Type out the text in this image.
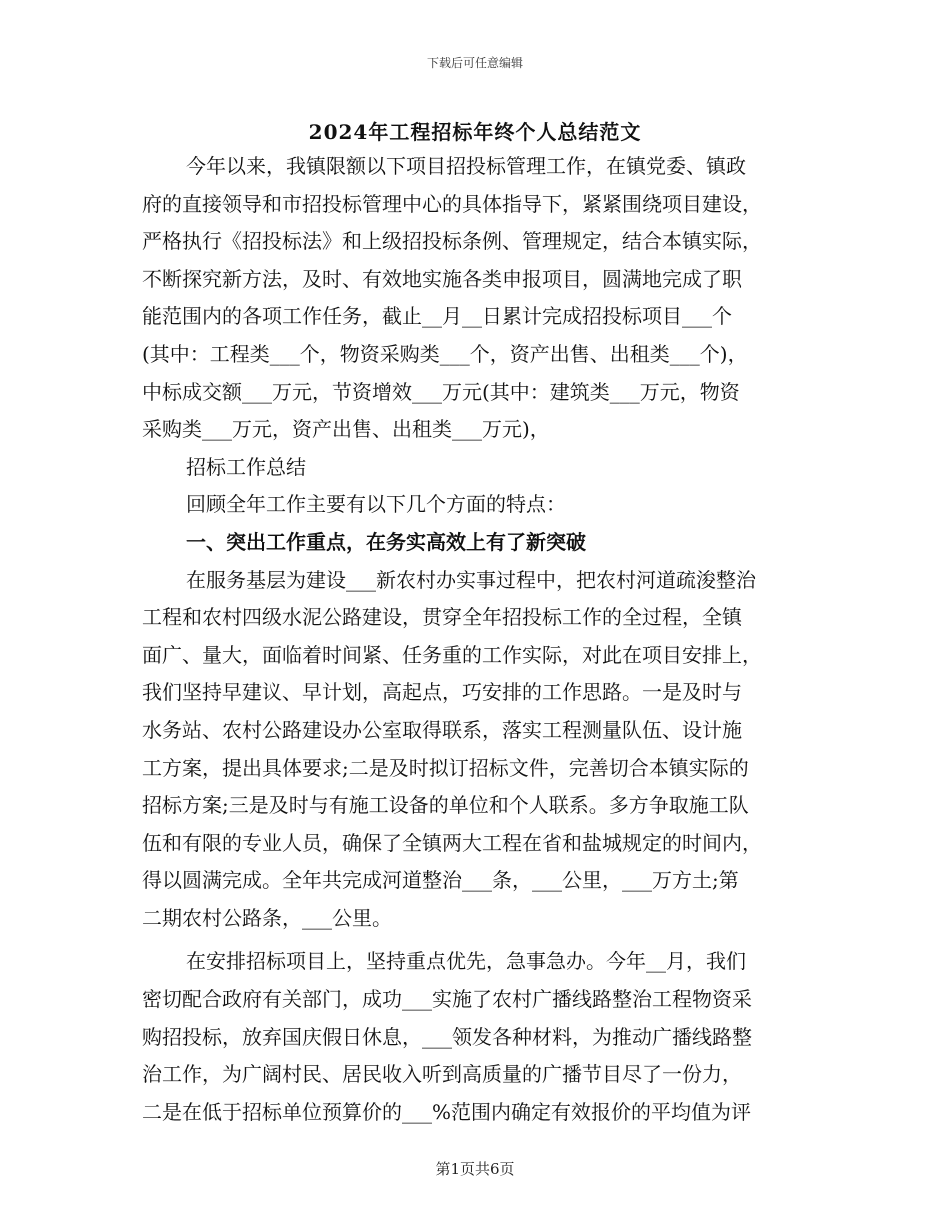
下载后可任意编辑
2024年工程招标年终个人总结范文
今年以来，我镇限额以下项目招投标管理工作，在镇党委、镇政
府的直接领导和市招投标管理中心的具体指导下，紧紧围绕项目建设，
严格执行《招投标法》和上级招投标条例、管理规定，结合本镇实际，
不断探究新方法，及时、有效地实施各类申报项目，圆满地完成了职
能范围内的各项工作任务，截止__月__日累计完成招投标项目___个
(其中：工程类___个，物资采购类___个，资产出售、出租类___个)，
中标成交额___万元，节资增效___万元(其中：建筑类___万元，物资
采购类___万元，资产出售、出租类___万元)，
招标工作总结
回顾全年工作主要有以下几个方面的特点：
一、突出工作重点，在务实高效上有了新突破
在服务基层为建设___新农村办实事过程中，把农村河道疏浚整治
工程和农村四级水泥公路建设，贯穿全年招投标工作的全过程，全镇
面广、量大，面临着时间紧、任务重的工作实际，对此在项目安排上，
我们坚持早建议、早计划，高起点，巧安排的工作思路。一是及时与
水务站、农村公路建设办公室取得联系，落实工程测量队伍、设计施
工方案，提出具体要求;二是及时拟订招标文件，完善切合本镇实际的
招标方案;三是及时与有施工设备的单位和个人联系。多方争取施工队
伍和有限的专业人员，确保了全镇两大工程在省和盐城规定的时间内，
得以圆满完成。全年共完成河道整治___条，___公里，___万方土;第
二期农村公路条，___公里。
在安排招标项目上，坚持重点优先，急事急办。今年__月，我们
密切配合政府有关部门，成功___实施了农村广播线路整治工程物资采
购招投标，放弃国庆假日休息，___领发各种材料，为推动广播线路整
治工作，为广阔村民、居民收入听到高质量的广播节目尽了一份力，
二是在低于招标单位预算价的___%范围内确定有效报价的平均值为评
第1页共6页
